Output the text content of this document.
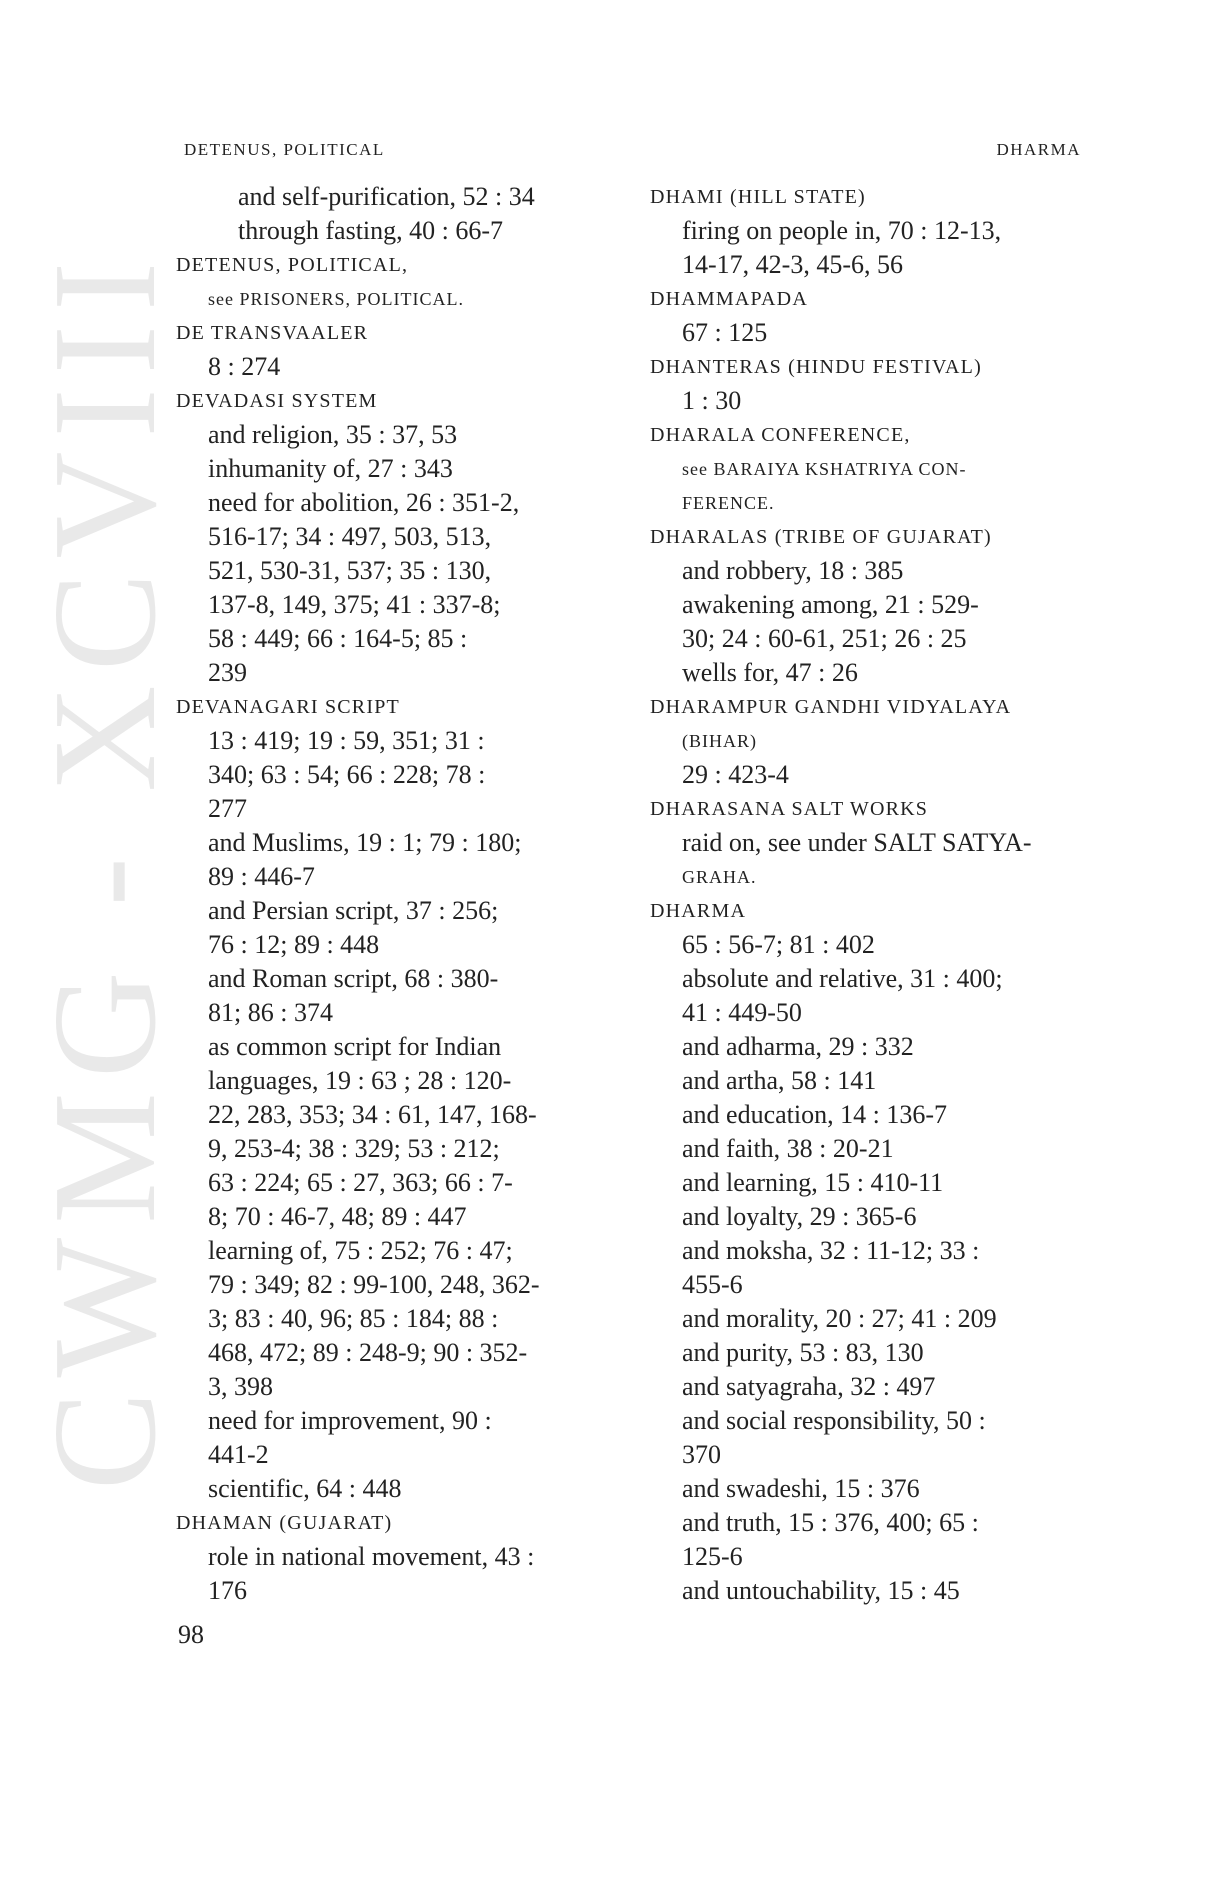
CWMG - XCVIII
DETENUS, POLITICAL	DHARMA
and self-purification, 52 : 34
through fasting, 40 : 66-7
DETENUS, POLITICAL,
see PRISONERS, POLITICAL.
DE TRANSVAALER
8 : 274
DEVADASI SYSTEM
and religion, 35 : 37, 53
inhumanity of, 27 : 343
need for abolition, 26 : 351-2,
516-17; 34 : 497, 503, 513,
521, 530-31, 537; 35 : 130,
137-8, 149, 375; 41 : 337-8;
58 : 449; 66 : 164-5; 85 :
239
DEVANAGARI SCRIPT
13 : 419; 19 : 59, 351; 31 :
340; 63 : 54; 66 : 228; 78 :
277
and Muslims, 19 : 1; 79 : 180;
89 : 446-7
and Persian script, 37 : 256;
76 : 12; 89 : 448
and Roman script, 68 : 380-
81; 86 : 374
as common script for Indian
languages, 19 : 63 ; 28 : 120-
22, 283, 353; 34 : 61, 147, 168-
9, 253-4; 38 : 329; 53 : 212;
63 : 224; 65 : 27, 363; 66 : 7-
8; 70 : 46-7, 48; 89 : 447
learning of, 75 : 252; 76 : 47;
79 : 349; 82 : 99-100, 248, 362-
3; 83 : 40, 96; 85 : 184; 88 :
468, 472; 89 : 248-9; 90 : 352-
3, 398
need for improvement, 90 :
441-2
scientific, 64 : 448
DHAMAN (GUJARAT)
role in national movement, 43 :
176
DHAMI (HILL STATE)
firing on people in, 70 : 12-13,
14-17, 42-3, 45-6, 56
DHAMMAPADA
67 : 125
DHANTERAS (HINDU FESTIVAL)
1 : 30
DHARALA CONFERENCE,
see BARAIYA KSHATRIYA CON-
FERENCE.
DHARALAS (TRIBE OF GUJARAT)
and robbery, 18 : 385
awakening among, 21 : 529-
30; 24 : 60-61, 251; 26 : 25
wells for, 47 : 26
DHARAMPUR GANDHI VIDYALAYA
(BIHAR)
29 : 423-4
DHARASANA SALT WORKS
raid on, see under SALT SATYA-
GRAHA.
DHARMA
65 : 56-7; 81 : 402
absolute and relative, 31 : 400;
41 : 449-50
and adharma, 29 : 332
and artha, 58 : 141
and education, 14 : 136-7
and faith, 38 : 20-21
and learning, 15 : 410-11
and loyalty, 29 : 365-6
and moksha, 32 : 11-12; 33 :
455-6
and morality, 20 : 27; 41 : 209
and purity, 53 : 83, 130
and satyagraha, 32 : 497
and social responsibility, 50 :
370
and swadeshi, 15 : 376
and truth, 15 : 376, 400; 65 :
125-6
and untouchability, 15 : 45
98
